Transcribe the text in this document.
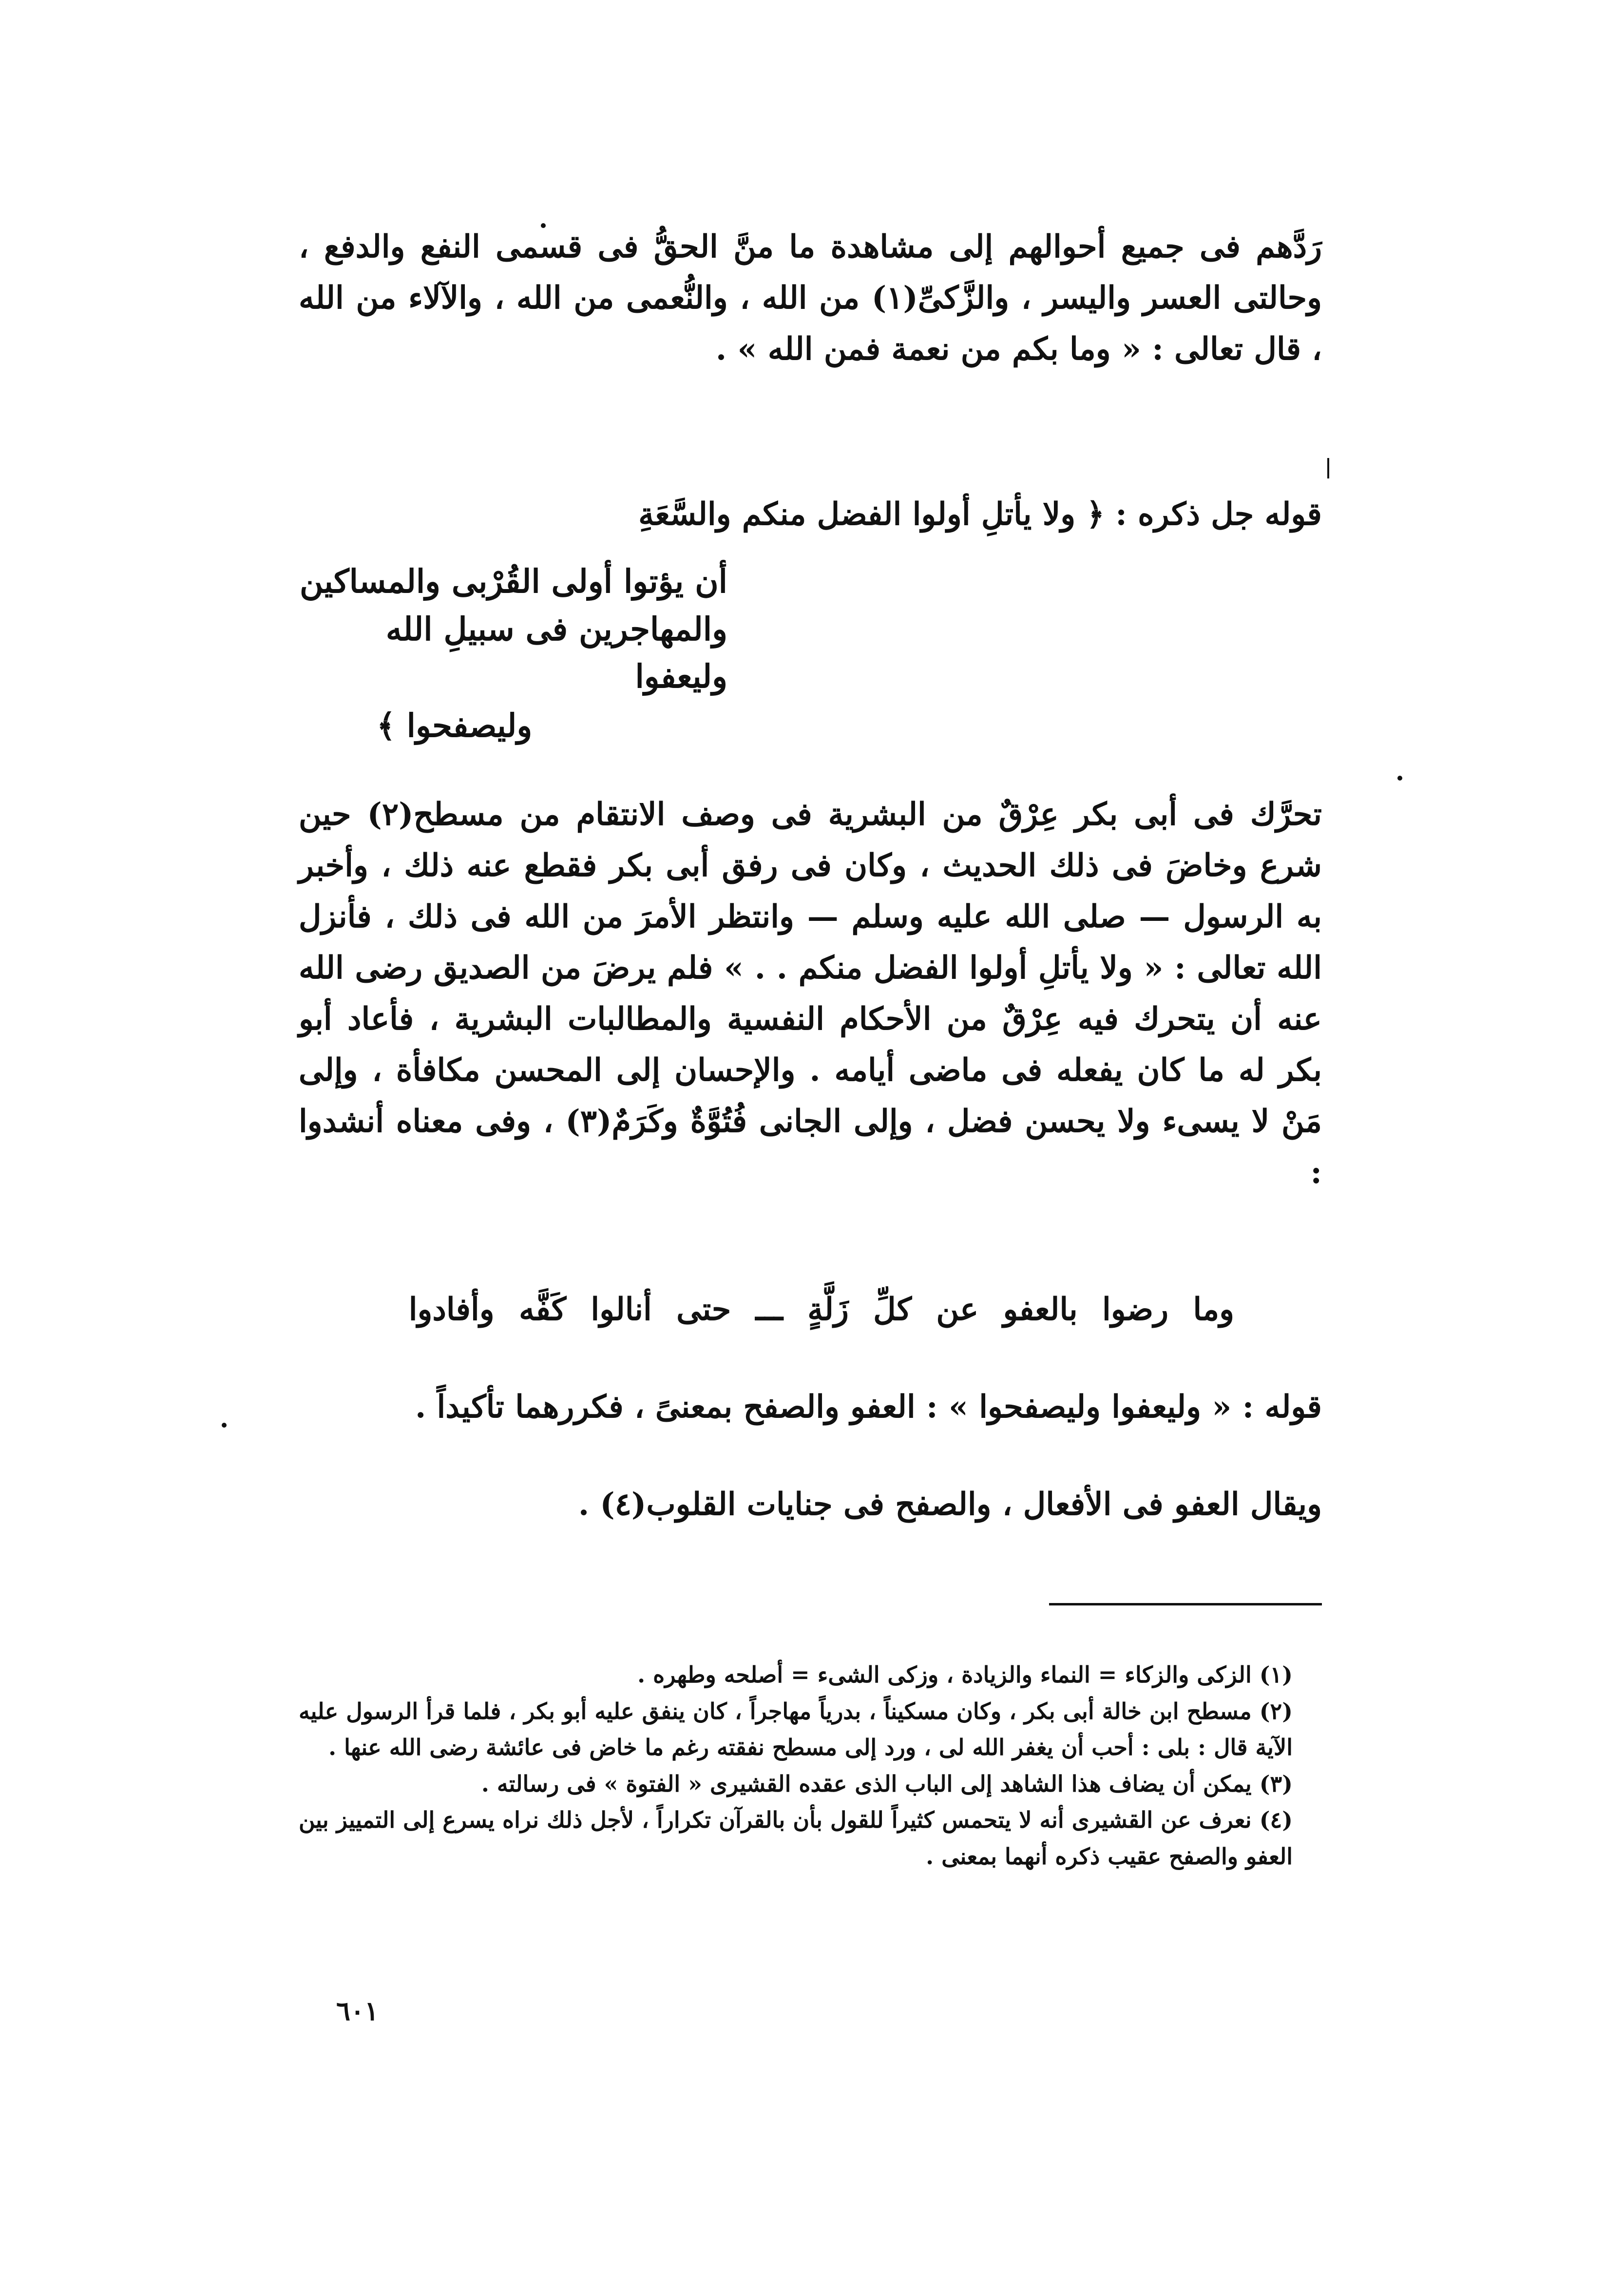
رَدَّهم فى جميع أحوالهم إلى مشاهدة ما منَّ الحقُّ فى قسمى النفع والدفع ، وحالتى العسر واليسر ، والزَّكىِّ(١) من الله ، والنُّعمى من الله ، والآلاء من الله ، قال تعالى : « وما بكم من نعمة فمن الله » .

قوله جل ذكره : ﴿ ولا يأتلِ أولوا الفضل منكم والسَّعَةِ
أن يؤتوا أولى القُرْبى والمساكين
والمهاجرين فى سبيلِ الله وليعفوا
وليصفحوا ﴾

تحرَّك فى أبى بكر عِرْقٌ من البشرية فى وصف الانتقام من مسطح(٢) حين شرع وخاضَ فى ذلك الحديث ، وكان فى رفق أبى بكر فقطع عنه ذلك ، وأخبر به الرسول — صلى الله عليه وسلم — وانتظر الأمرَ من الله فى ذلك ، فأنزل الله تعالى : « ولا يأتلِ أولوا الفضل منكم . . » فلم يرضَ من الصديق رضى الله عنه أن يتحرك فيه عِرْقٌ من الأحكام النفسية والمطالبات البشرية ، فأعاد أبو بكر له ما كان يفعله فى ماضى أيامه . والإحسان إلى المحسن مكافأة ، وإلى مَنْ لا يسىء ولا يحسن فضل ، وإلى الجانى فُتُوَّةٌ وكَرَمٌ(٣) ، وفى معناه أنشدوا :

وما رضوا بالعفو عن كلِّ زَلَّةٍ ـــ حتى أنالوا كَفَّه وأفادوا
قوله : « وليعفوا وليصفحوا » : العفو والصفح بمعنىً ، فكررهما تأكيداً .
ويقال العفو فى الأفعال ، والصفح فى جنايات القلوب(٤) .

(١) الزكى والزكاء = النماء والزيادة ، وزكى الشىء = أصلحه وطهره .

(٢) مسطح ابن خالة أبى بكر ، وكان مسكيناً ، بدرياً مهاجراً ، كان ينفق عليه أبو بكر ، فلما قرأ الرسول عليه الآية قال : بلى : أحب أن يغفر الله لى ، ورد إلى مسطح نفقته رغم ما خاض فى عائشة رضى الله عنها .

(٣) يمكن أن يضاف هذا الشاهد إلى الباب الذى عقده القشيرى « الفتوة » فى رسالته .

(٤) نعرف عن القشيرى أنه لا يتحمس كثيراً للقول بأن بالقرآن تكراراً ، لأجل ذلك نراه يسرع إلى التمييز بين العفو والصفح عقيب ذكره أنهما بمعنى .

٦٠١
